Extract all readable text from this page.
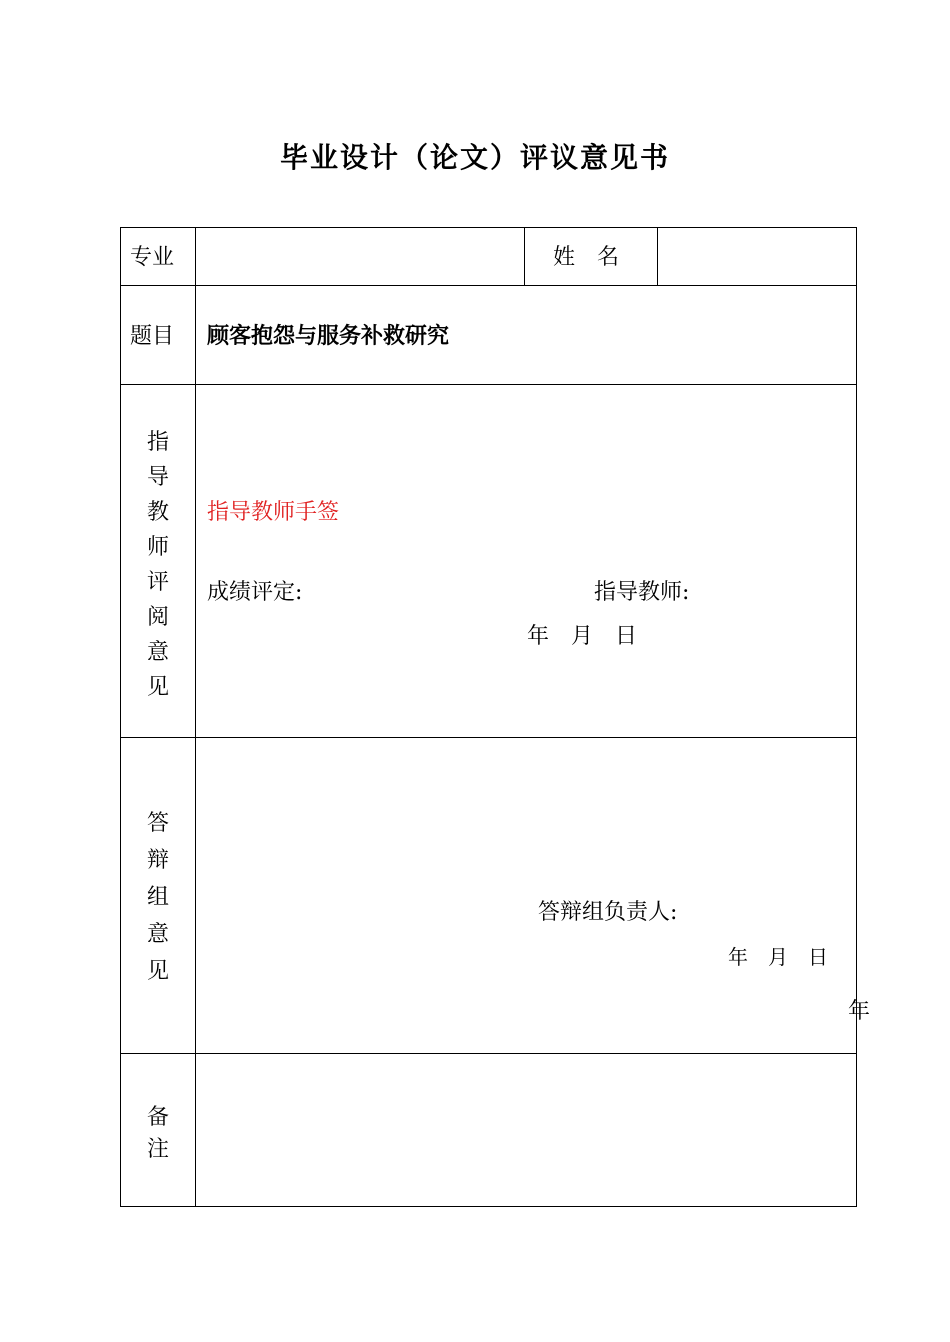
毕业设计（论文）评议意见书
专业	姓　名
题目 顾客抱怨与服务补救研究
指
导
教
师
评
阅
意
见
指导教师手签
成绩评定:	指导教师:
年　月　日
答
辩
组
意
见
答辩组负责人:
年　月　日
年
备
注
